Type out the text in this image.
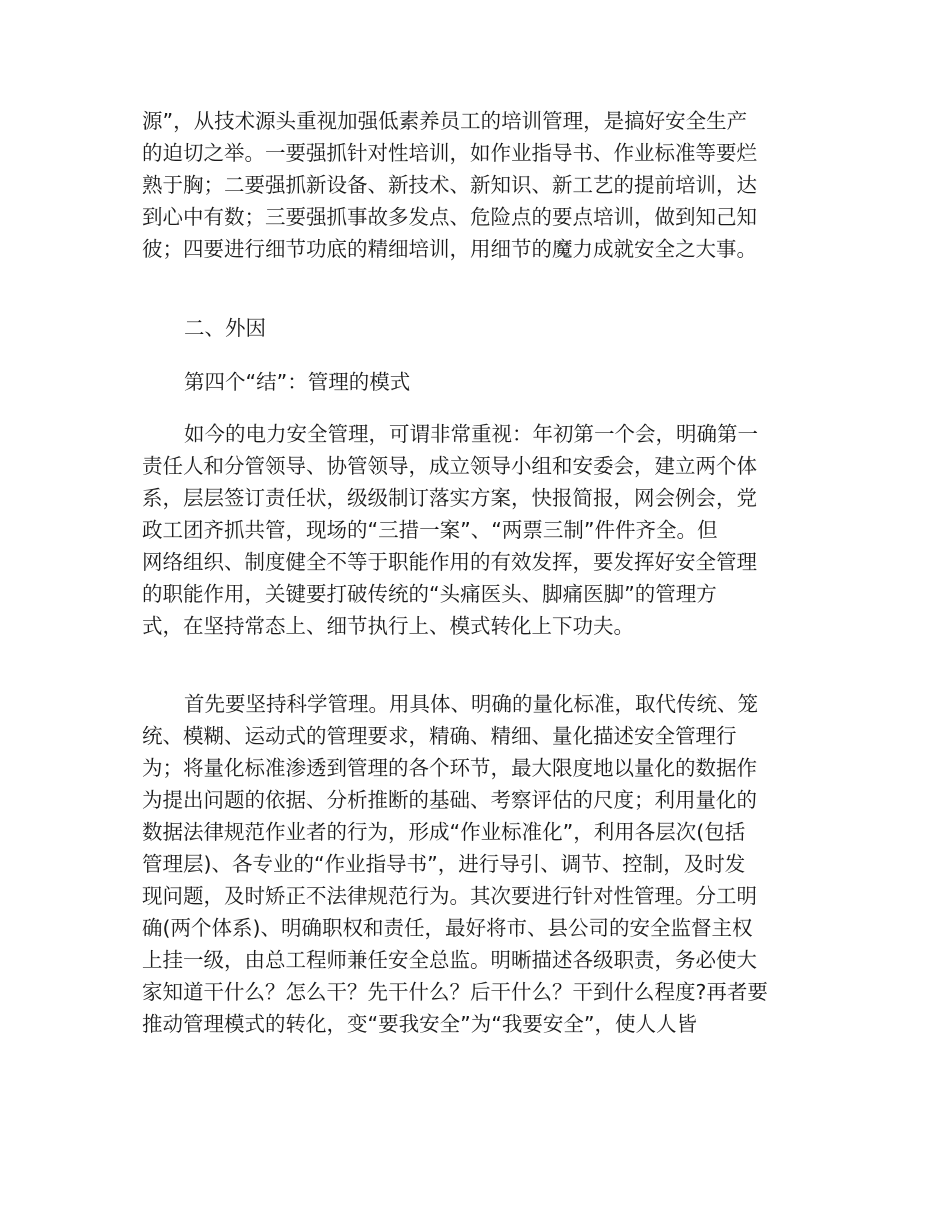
源”，从技术源头重视加强低素养员工的培训管理，是搞好安全生产
的迫切之举。一要强抓针对性培训，如作业指导书、作业标准等要烂
熟于胸；二要强抓新设备、新技术、新知识、新工艺的提前培训，达
到心中有数；三要强抓事故多发点、危险点的要点培训，做到知己知
彼；四要进行细节功底的精细培训，用细节的魔力成就安全之大事。
二、外因
第四个“结”：管理的模式
如今的电力安全管理，可谓非常重视：年初第一个会，明确第一
责任人和分管领导、协管领导，成立领导小组和安委会，建立两个体
系，层层签订责任状，级级制订落实方案，快报简报，网会例会，党
政工团齐抓共管，现场的“三措一案”、“两票三制”件件齐全。但
网络组织、制度健全不等于职能作用的有效发挥，要发挥好安全管理
的职能作用，关键要打破传统的“头痛医头、脚痛医脚”的管理方
式，在坚持常态上、细节执行上、模式转化上下功夫。
首先要坚持科学管理。用具体、明确的量化标准，取代传统、笼
统、模糊、运动式的管理要求，精确、精细、量化描述安全管理行
为；将量化标准渗透到管理的各个环节，最大限度地以量化的数据作
为提出问题的依据、分析推断的基础、考察评估的尺度；利用量化的
数据法律规范作业者的行为，形成“作业标准化”，利用各层次(包括
管理层)、各专业的“作业指导书”，进行导引、调节、控制，及时发
现问题，及时矫正不法律规范行为。其次要进行针对性管理。分工明
确(两个体系)、明确职权和责任，最好将市、县公司的安全监督主权
上挂一级，由总工程师兼任安全总监。明晰描述各级职责，务必使大
家知道干什么？怎么干？先干什么？后干什么？干到什么程度?再者要
推动管理模式的转化，变“要我安全”为“我要安全”，使人人皆
